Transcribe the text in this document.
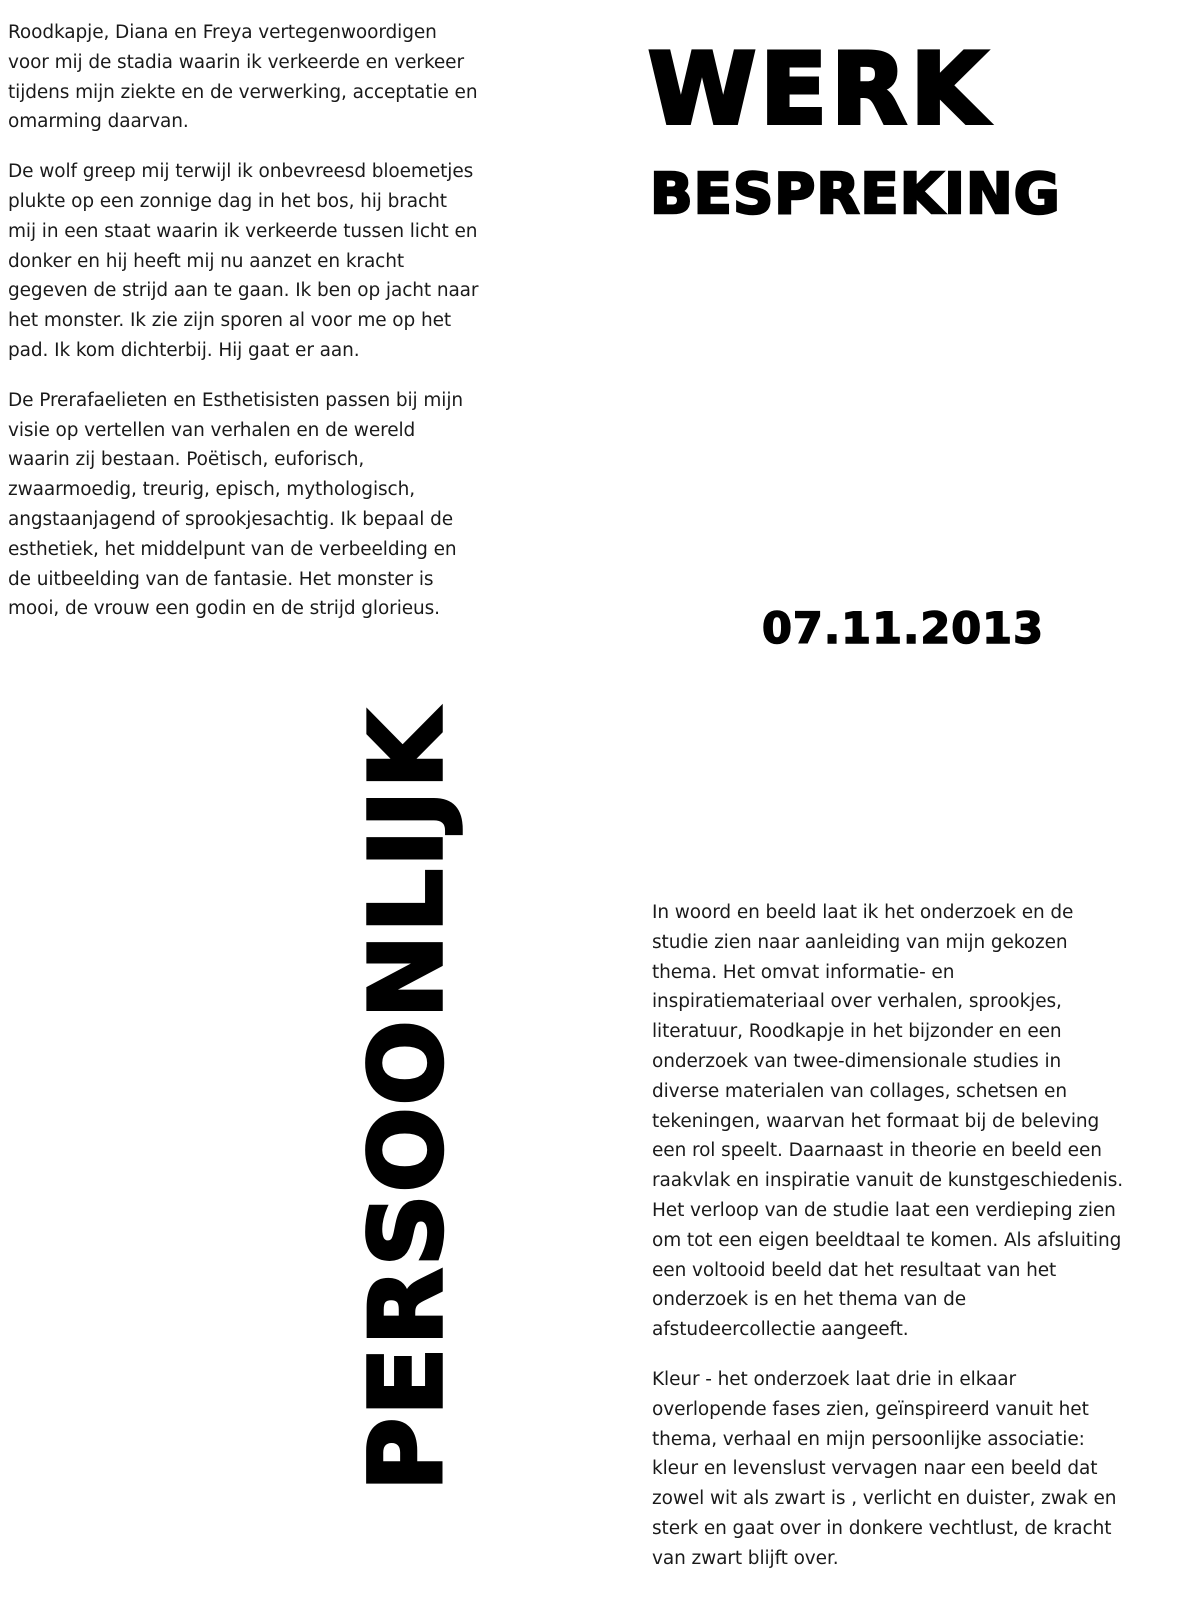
Roodkapje, Diana en Freya vertegenwoordigen voor mij de stadia waarin ik verkeerde en verkeer tijdens mijn ziekte en de verwerking, acceptatie en omarming daarvan.

De wolf greep mij terwijl ik onbevreesd bloemetjes plukte op een zonnige dag in het bos, hij bracht mij in een staat waarin ik verkeerde tussen licht en donker en hij heeft mij nu aanzet en kracht gegeven de strijd aan te gaan. Ik ben op jacht naar het monster. Ik zie zijn sporen al voor me op het pad. Ik kom dichterbij. Hij gaat er aan.

De Prerafaelieten en Esthetisisten passen bij mijn visie op vertellen van verhalen en de wereld waarin zij bestaan. Poëtisch, euforisch, zwaarmoedig, treurig, episch, mythologisch, angstaanjagend of sprookjesachtig. Ik bepaal de esthetiek, het middelpunt van de verbeelding en de uitbeelding van de fantasie. Het monster is mooi, de vrouw een godin en de strijd glorieus.

WERK
BESPREKING
07.11.2013
PERSOONLIJK	In woord en beeld laat ik het onderzoek en de studie zien naar aanleiding van mijn gekozen thema. Het omvat informatie- en inspiratiemateriaal over verhalen, sprookjes, literatuur, Roodkapje in het bijzonder en een onderzoek van twee-dimensionale studies in diverse materialen van collages, schetsen en tekeningen, waarvan het formaat bij de beleving een rol speelt. Daarnaast in theorie en beeld een raakvlak en inspiratie vanuit de kunstgeschiedenis. Het verloop van de studie laat een verdieping zien om tot een eigen beeldtaal te komen. Als afsluiting een voltooid beeld dat het resultaat van het onderzoek is en het thema van de afstudeercollectie aangeeft.

Kleur - het onderzoek laat drie in elkaar overlopende fases zien, geïnspireerd vanuit het thema, verhaal en mijn persoonlijke associatie: kleur en levenslust vervagen naar een beeld dat zowel wit als zwart is , verlicht en duister, zwak en sterk en gaat over in donkere vechtlust, de kracht van zwart blijft over.
